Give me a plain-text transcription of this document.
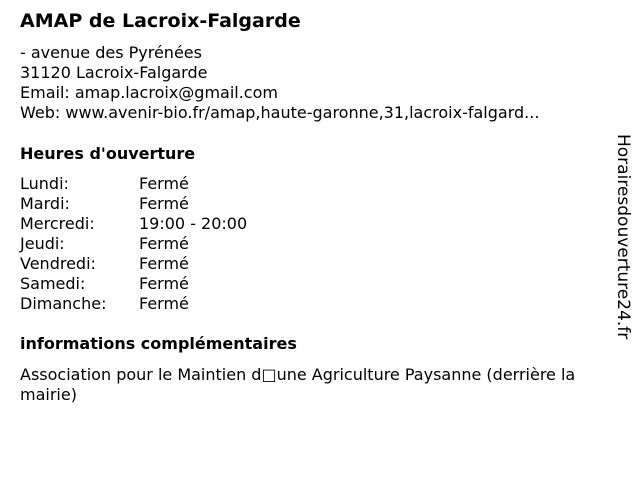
AMAP de Lacroix-Falgarde
- avenue des Pyrénées
31120 Lacroix-Falgarde
Email: amap.lacroix@gmail.com
Web: www.avenir-bio.fr/amap,haute-garonne,31,lacroix-falgard...
Heures d'ouverture
Lundi:	Fermé
Mardi:	Fermé
Mercredi:	19:00 - 20:00
Jeudi:	Fermé
Vendredi:	Fermé
Samedi:	Fermé
Dimanche: Fermé
informations complémentaires
Association pour le Maintien d□une Agriculture Paysanne (derrière la mairie)
Horairesdouverture24.fr
